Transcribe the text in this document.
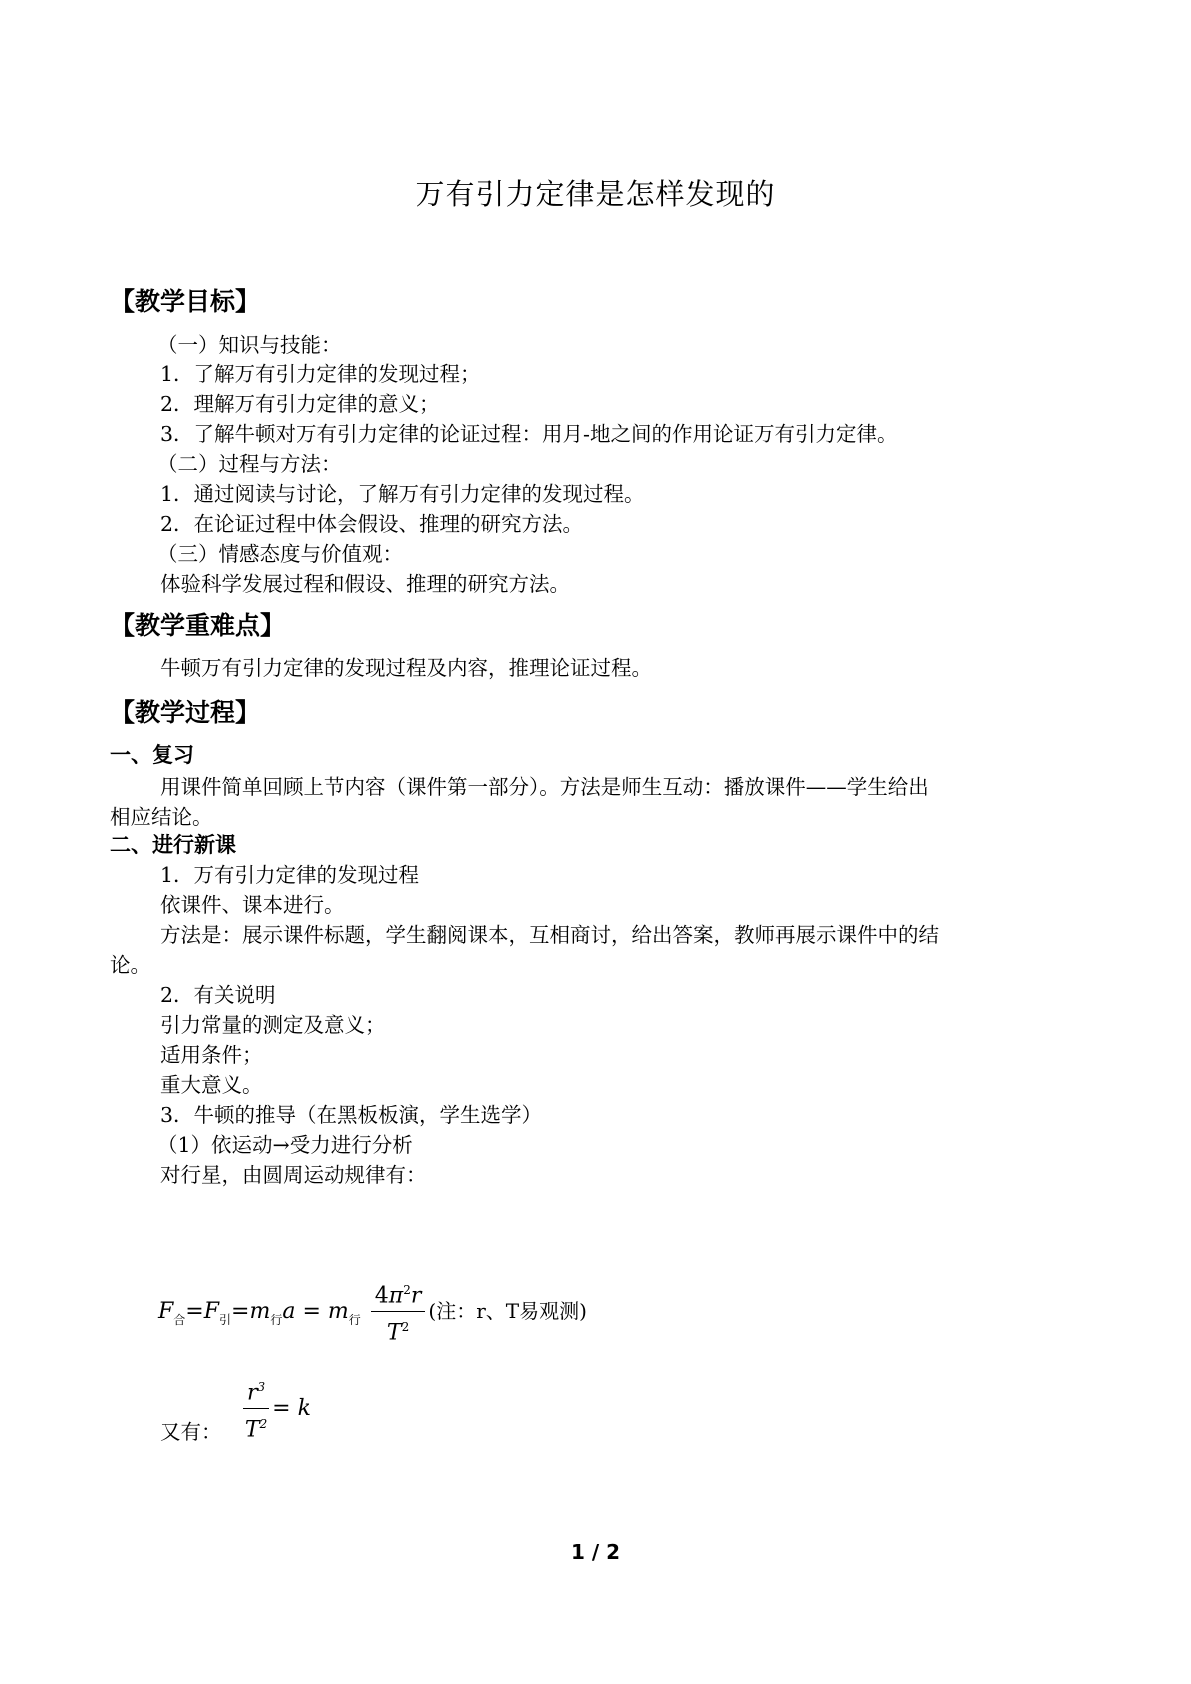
万有引力定律是怎样发现的
【教学目标】
（一）知识与技能：
1．了解万有引力定律的发现过程；
2．理解万有引力定律的意义；
3．了解牛顿对万有引力定律的论证过程：用月-地之间的作用论证万有引力定律。
（二）过程与方法：
1．通过阅读与讨论，了解万有引力定律的发现过程。
2．在论证过程中体会假设、推理的研究方法。
（三）情感态度与价值观：
体验科学发展过程和假设、推理的研究方法。
【教学重难点】
牛顿万有引力定律的发现过程及内容，推理论证过程。
【教学过程】
一、复习
用课件简单回顾上节内容（课件第一部分）。方法是师生互动：播放课件——学生给出
相应结论。
二、进行新课
1．万有引力定律的发现过程
依课件、课本进行。
方法是：展示课件标题，学生翻阅课本，互相商讨，给出答案，教师再展示课件中的结
论。
2．有关说明
引力常量的测定及意义；
适用条件；
重大意义。
3．牛顿的推导（在黑板板演，学生选学）
（1）依运动→受力进行分析
对行星，由圆周运动规律有：
$F_合=F_引=m_行a = m_行 \frac{4\pi^2r}{T^2}$ (注：r、T易观测)
又有： $\frac{r^3}{T^2} = k$
1 / 2
